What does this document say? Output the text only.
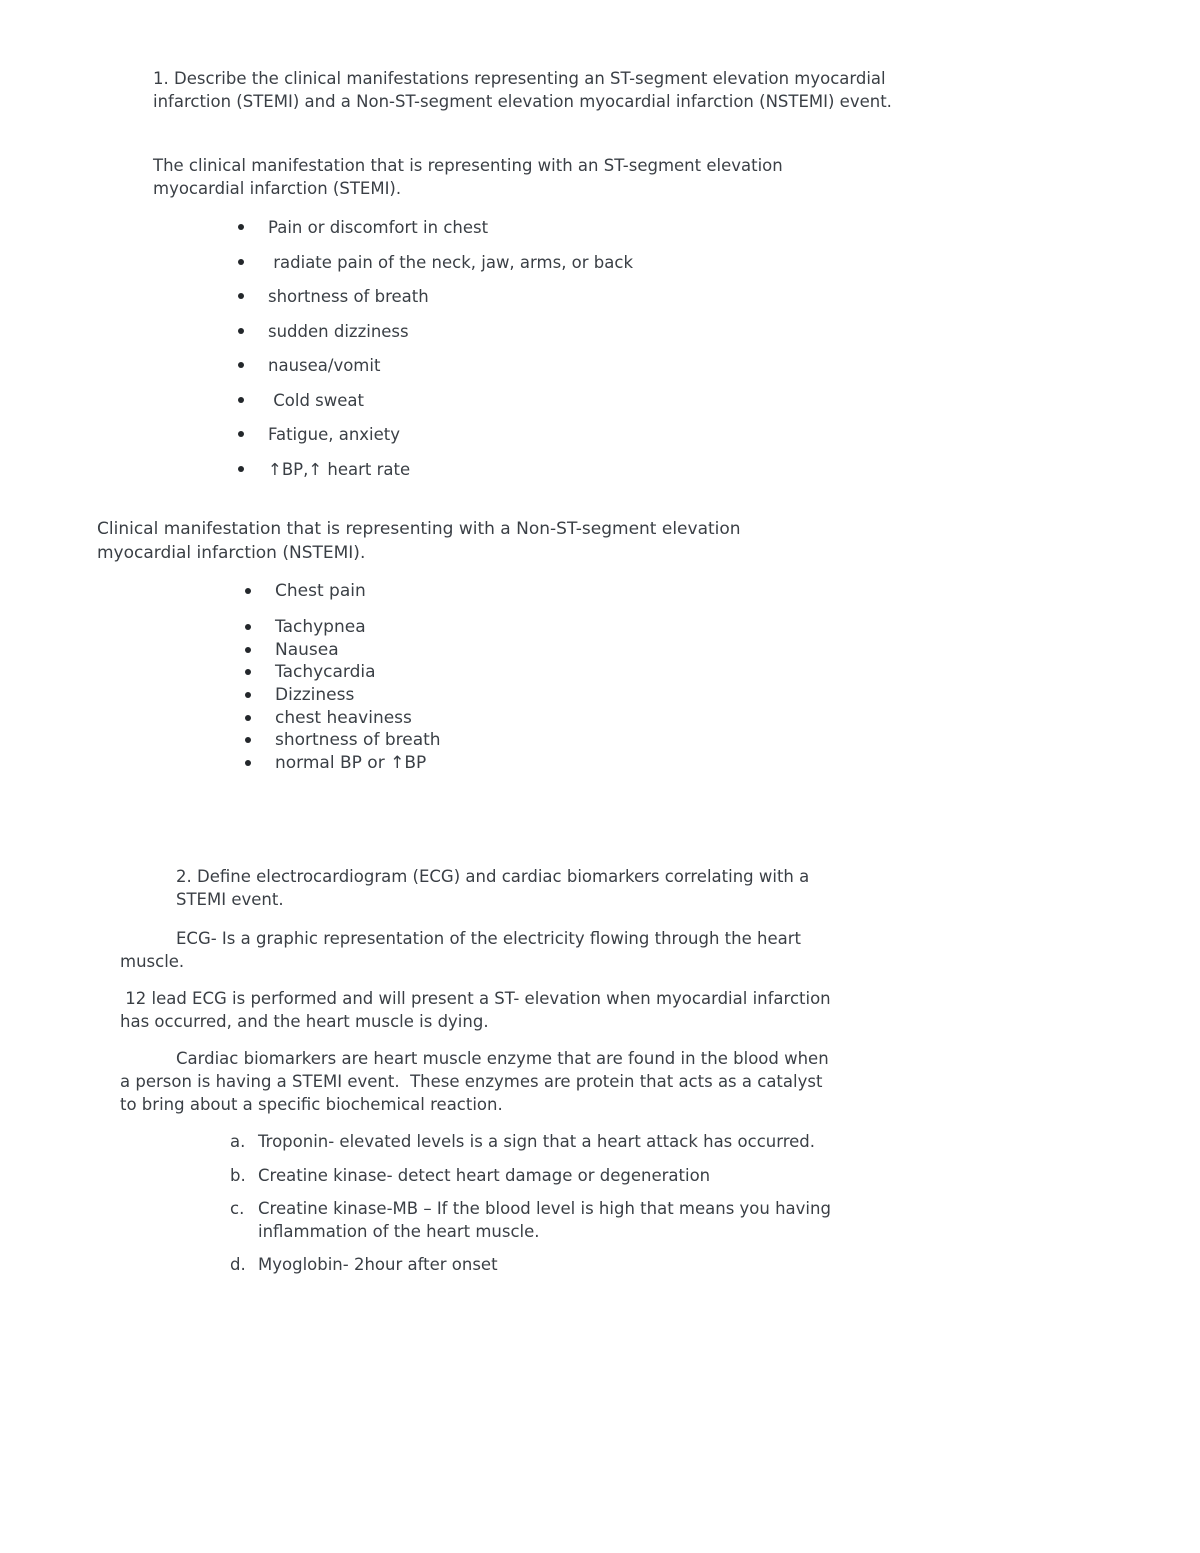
1. Describe the clinical manifestations representing an ST-segment elevation myocardial infarction (STEMI) and a Non-ST-segment elevation myocardial infarction (NSTEMI) event.

The clinical manifestation that is representing with an ST-segment elevation myocardial infarction (STEMI).

Pain or discomfort in chest
radiate pain of the neck, jaw, arms, or back
shortness of breath
sudden dizziness
nausea/vomit
Cold sweat
Fatigue, anxiety
↑BP,↑ heart rate

Clinical manifestation that is representing with a Non-ST-segment elevation myocardial infarction (NSTEMI).

Chest pain
Tachypnea
Nausea
Tachycardia
Dizziness
chest heaviness
shortness of breath
normal BP or ↑BP

2. Define electrocardiogram (ECG) and cardiac biomarkers correlating with a STEMI event.

ECG- Is a graphic representation of the electricity flowing through the heart muscle.

12 lead ECG is performed and will present a ST- elevation when myocardial infarction has occurred, and the heart muscle is dying.

Cardiac biomarkers are heart muscle enzyme that are found in the blood when a person is having a STEMI event.  These enzymes are protein that acts as a catalyst to bring about a specific biochemical reaction.

a. Troponin- elevated levels is a sign that a heart attack has occurred.
b. Creatine kinase- detect heart damage or degeneration
c. Creatine kinase-MB – If the blood level is high that means you having inflammation of the heart muscle.
d. Myoglobin- 2hour after onset
